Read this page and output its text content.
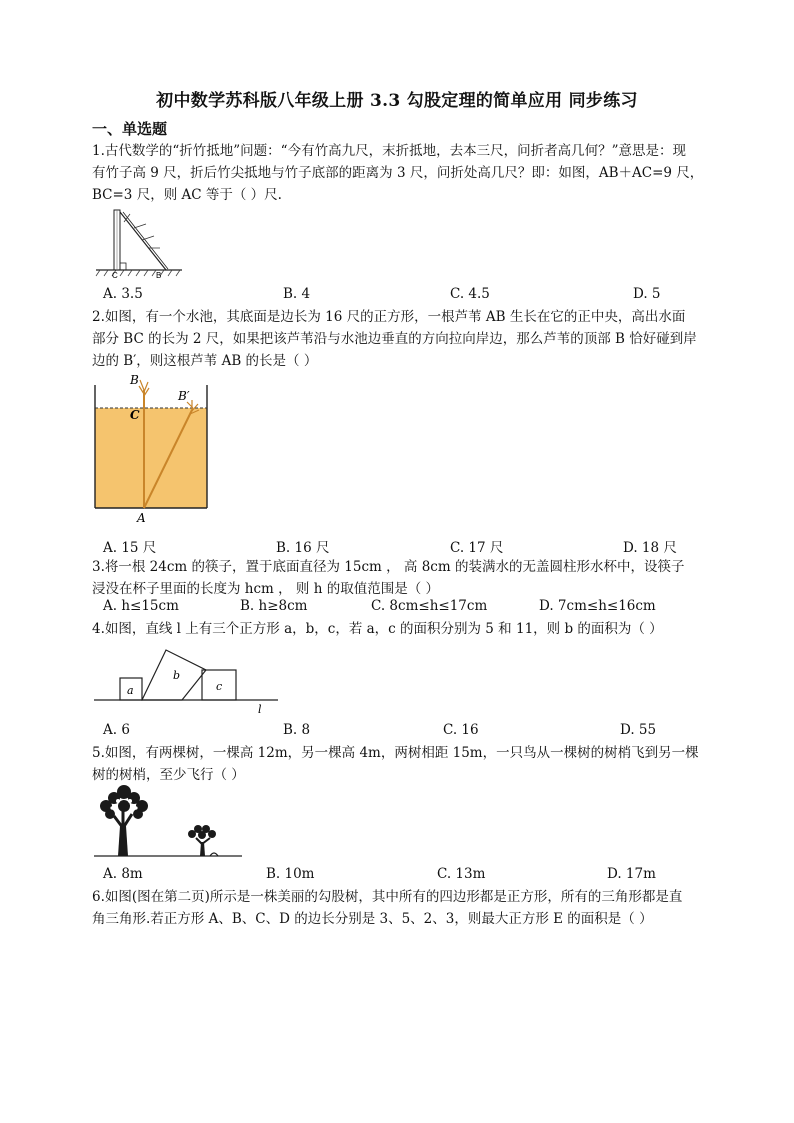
初中数学苏科版八年级上册 3.3 勾股定理的简单应用 同步练习
一、单选题
1.古代数学的“折竹抵地”问题：“今有竹高九尺，末折抵地，去本三尺，问折者高几何？”意思是：现
有竹子高 9 尺，折后竹尖抵地与竹子底部的距离为 3 尺，问折处高几尺？即：如图，AB＋AC=9 尺，
BC=3 尺，则 AC 等于（ ）尺.
C	B
A. 3.5	B. 4	C. 4.5	D. 5
2.如图，有一个水池，其底面是边长为 16 尺的正方形，一根芦苇 AB 生长在它的正中央，高出水面
部分 BC 的长为 2 尺，如果把该芦苇沿与水池边垂直的方向拉向岸边，那么芦苇的顶部 B 恰好碰到岸
边的 B′，则这根芦苇 AB 的长是（ ）
B
B′
C
A
A. 15 尺	B. 16 尺	C. 17 尺	D. 18 尺
3.将一根 24cm 的筷子，置于底面直径为 15cm ， 高 8cm 的装满水的无盖圆柱形水杯中，设筷子
浸没在杯子里面的长度为 hcm ， 则 h 的取值范围是（ ）
A. h≤15cm	B. h≥8cm	C. 8cm≤h≤17cm	D. 7cm≤h≤16cm
4.如图，直线 l 上有三个正方形 a，b，c，若 a，c 的面积分别为 5 和 11，则 b 的面积为（ ）
a
b
c
l
A. 6	B. 8	C. 16	D. 55
5.如图，有两棵树，一棵高 12m，另一棵高 4m，两树相距 15m，一只鸟从一棵树的树梢飞到另一棵
树的树梢，至少飞行（ ）
A. 8m	B. 10m	C. 13m	D. 17m
6.如图(图在第二页)所示是一株美丽的勾股树，其中所有的四边形都是正方形，所有的三角形都是直
角三角形.若正方形 A、B、C、D 的边长分别是 3、5、2、3，则最大正方形 E 的面积是（ ）
